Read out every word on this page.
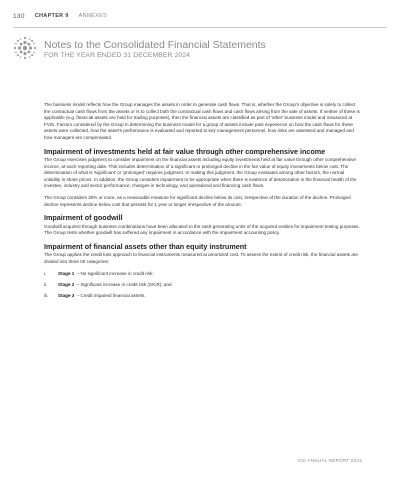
130 CHAPTER 9 ANNEXES
Notes to the Consolidated Financial Statements
FOR THE YEAR ENDED 31 DECEMBER 2024

The business model reflects how the Group manages the assets in order to generate cash flows. That is, whether the Group's objective is solely to collect the contractual cash flows from the assets or is to collect both the contractual cash flows and cash flows arising from the sale of assets. If neither of these is applicable (e.g. financial assets are held for trading purposes), then the financial assets are classified as part of 'other' business model and measured at FVIS. Factors considered by the Group in determining the business model for a group of assets include past experience on how the cash flows for these assets were collected, how the asset's performance is evaluated and reported to key management personnel, how risks are assessed and managed and how managers are compensated.

Impairment of investments held at fair value through other comprehensive income

The Group exercises judgment to consider impairment on the financial assets including equity investments held at fair value through other comprehensive income, at each reporting date. This includes determination of a significant or prolonged decline in the fair value of equity investments below cost. The determination of what is 'significant' or 'prolonged' requires judgment. In making this judgment, the Group evaluates among other factors, the normal volatility in share prices. In addition, the Group considers impairment to be appropriate when there is evidence of deterioration in the financial health of the investee, industry and sector performance, changes in technology, and operational and financing cash flows.

The Group considers 30% or more, as a reasonable measure for significant decline below its cost, irrespective of the duration of the decline. Prolonged decline represents decline below cost that persists for 1 year or longer irrespective of the amount.

Impairment of goodwill

Goodwill acquired through business combinations have been allocated to the cash-generating units of the acquired entities for impairment testing purposes. The Group tests whether goodwill has suffered any impairment in accordance with the impairment accounting policy.

Impairment of financial assets other than equity instrument

The Group applies the credit loss approach to financial instruments measured at amortized cost. To assess the extent of credit risk, the financial assets are divided into three I3I categories:

i.	Stage 1 – No significant increase in credit risk;
ii.	Stage 2 – Significant increase in credit risk (SICR); and
iii.	Stage 3 – Credit impaired financial assets.
ICD ANNUAL REPORT 2024
